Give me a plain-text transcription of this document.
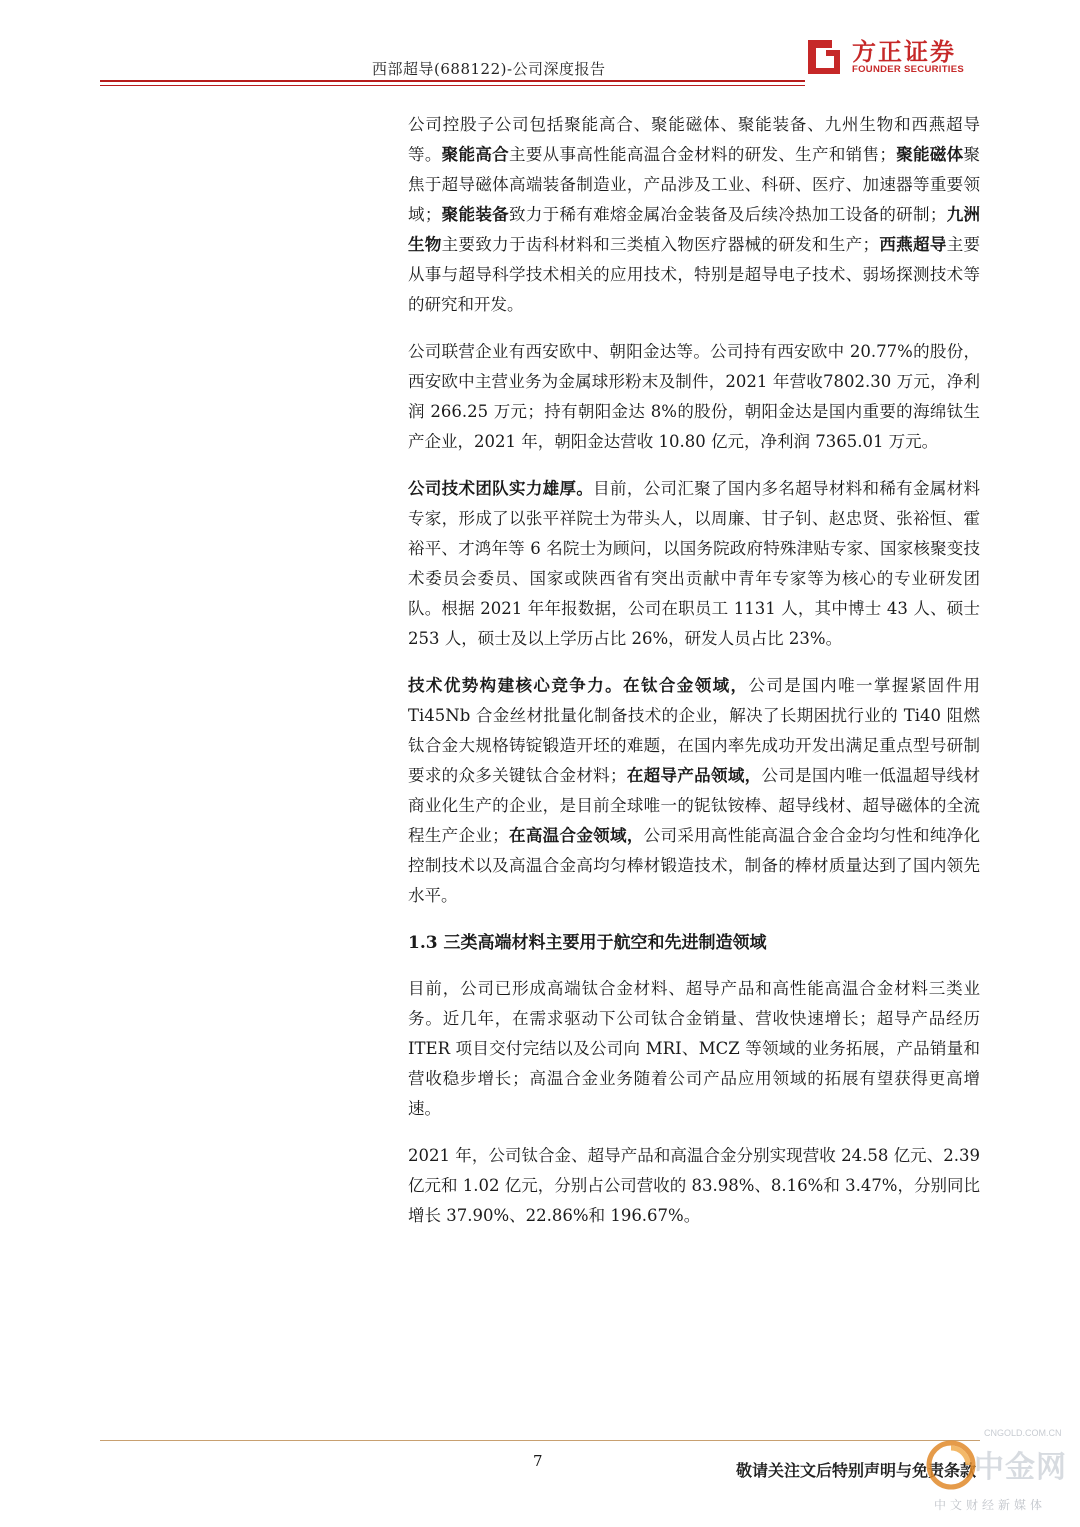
西部超导(688122)-公司深度报告
方正证券
FOUNDER SECURITIES

公司控股子公司包括聚能高合、聚能磁体、聚能装备、九州生物和西燕超导等。聚能高合主要从事高性能高温合金材料的研发、生产和销售；聚能磁体聚焦于超导磁体高端装备制造业，产品涉及工业、科研、医疗、加速器等重要领域；聚能装备致力于稀有难熔金属冶金装备及后续冷热加工设备的研制；九洲生物主要致力于齿科材料和三类植入物医疗器械的研发和生产；西燕超导主要从事与超导科学技术相关的应用技术，特别是超导电子技术、弱场探测技术等的研究和开发。

公司联营企业有西安欧中、朝阳金达等。公司持有西安欧中 20.77%的股份，西安欧中主营业务为金属球形粉末及制件，2021 年营收7802.30 万元，净利润 266.25 万元；持有朝阳金达 8%的股份，朝阳金达是国内重要的海绵钛生产企业，2021 年，朝阳金达营收 10.80 亿元，净利润 7365.01 万元。

公司技术团队实力雄厚。目前，公司汇聚了国内多名超导材料和稀有金属材料专家，形成了以张平祥院士为带头人，以周廉、甘子钊、赵忠贤、张裕恒、霍裕平、才鸿年等 6 名院士为顾问，以国务院政府特殊津贴专家、国家核聚变技术委员会委员、国家或陕西省有突出贡献中青年专家等为核心的专业研发团队。根据 2021 年年报数据，公司在职员工 1131 人，其中博士 43 人、硕士 253 人，硕士及以上学历占比 26%，研发人员占比 23%。

技术优势构建核心竞争力。在钛合金领域，公司是国内唯一掌握紧固件用 Ti45Nb 合金丝材批量化制备技术的企业，解决了长期困扰行业的 Ti40 阻燃钛合金大规格铸锭锻造开坯的难题，在国内率先成功开发出满足重点型号研制要求的众多关键钛合金材料；在超导产品领域，公司是国内唯一低温超导线材商业化生产的企业，是目前全球唯一的铌钛铵棒、超导线材、超导磁体的全流程生产企业；在高温合金领域，公司采用高性能高温合金合金均匀性和纯净化控制技术以及高温合金高均匀棒材锻造技术，制备的棒材质量达到了国内领先水平。

1.3 三类高端材料主要用于航空和先进制造领域

目前，公司已形成高端钛合金材料、超导产品和高性能高温合金材料三类业务。近几年，在需求驱动下公司钛合金销量、营收快速增长；超导产品经历 ITER 项目交付完结以及公司向 MRI、MCZ 等领域的业务拓展，产品销量和营收稳步增长；高温合金业务随着公司产品应用领域的拓展有望获得更高增速。

2021 年，公司钛合金、超导产品和高温合金分别实现营收 24.58 亿元、2.39 亿元和 1.02 亿元，分别占公司营收的 83.98%、8.16%和 3.47%，分别同比增长 37.90%、22.86%和 196.67%。

7	敬请关注文后特别声明与免责条款
CNGOLD.COM.CN
中金网
中文财经新媒体
